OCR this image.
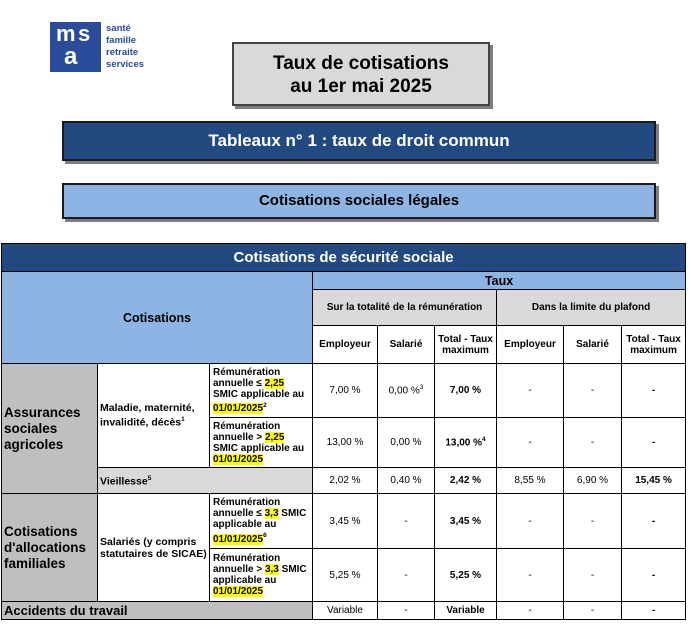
m s
a
santé
famille
retraite
services	Taux de cotisations
au 1er mai 2025
Tableaux n° 1 : taux de droit commun
Cotisations sociales légales
Cotisations de sécurité sociale								
Cotisations			Taux					
			Sur la totalité de la rémunération			Dans la limite du plafond		
			Employeur	Salarié	Total - Taux maximum	Employeur	Salarié	Total - Taux maximum
Assurances sociales agricoles	Maladie, maternité, invalidité, décès$^1$	Rémunération annuelle ≤ 2,25 SMIC applicable au 01/01/2025$^2$	7,00 %	0,00 %$^3$	7,00 %	-	-	-
		Rémunération annuelle > 2,25 SMIC applicable au 01/01/2025	13,00 %	0,00 %	13,00 %$^4$	-	-	-
	Vieillesse$^5$		2,02 %	0,40 %	2,42 %	8,55 %	6,90 %	15,45 %
Cotisations d'allocations familiales	Salariés (y compris statutaires de SICAE)	Rémunération annuelle ≤ 3,3 SMIC applicable au 01/01/2025$^6$	3,45 %	-	3,45 %	-	-	-
		Rémunération annuelle > 3,3 SMIC applicable au 01/01/2025	5,25 %	-	5,25 %	-	-	-
Accidents du travail			Variable	-	Variable	-	-	-
